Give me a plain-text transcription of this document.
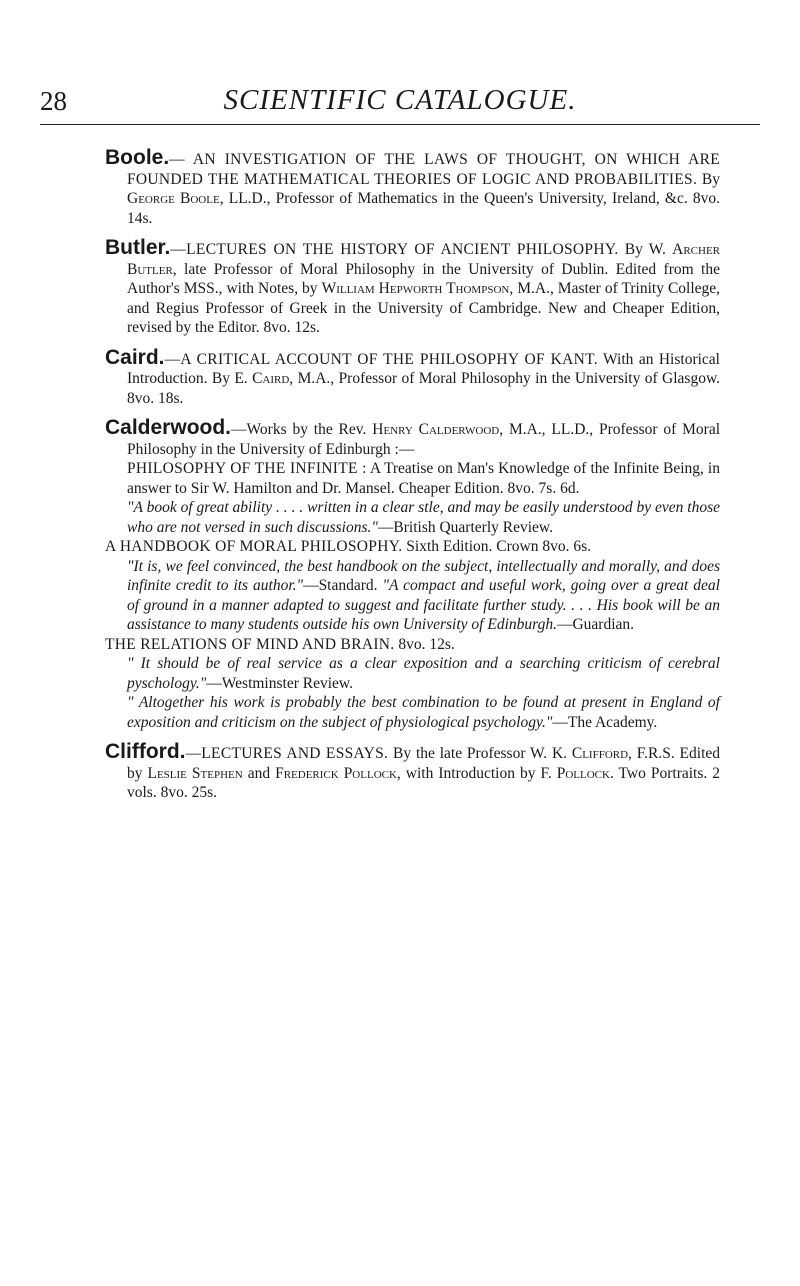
28	SCIENTIFIC CATALOGUE.

Boole.— AN INVESTIGATION OF THE LAWS OF THOUGHT, ON WHICH ARE FOUNDED THE MATHEMATICAL THEORIES OF LOGIC AND PROBABILITIES. By George Boole, LL.D., Professor of Mathematics in the Queen's University, Ireland, &c. 8vo. 14s.

Butler.—LECTURES ON THE HISTORY OF ANCIENT PHILOSOPHY. By W. Archer Butler, late Professor of Moral Philosophy in the University of Dublin. Edited from the Author's MSS., with Notes, by William Hepworth Thompson, M.A., Master of Trinity College, and Regius Professor of Greek in the University of Cambridge. New and Cheaper Edition, revised by the Editor. 8vo. 12s.

Caird.—A CRITICAL ACCOUNT OF THE PHILOSOPHY OF KANT. With an Historical Introduction. By E. Caird, M.A., Professor of Moral Philosophy in the University of Glasgow. 8vo. 18s.

Calderwood.—Works by the Rev. Henry Calderwood, M.A., LL.D., Professor of Moral Philosophy in the University of Edinburgh :—

PHILOSOPHY OF THE INFINITE : A Treatise on Man's Knowledge of the Infinite Being, in answer to Sir W. Hamilton and Dr. Mansel. Cheaper Edition. 8vo. 7s. 6d.

"A book of great ability . . . . written in a clear stle, and may be easily understood by even those who are not versed in such discussions."—British Quarterly Review.

A HANDBOOK OF MORAL PHILOSOPHY. Sixth Edition. Crown 8vo. 6s.

"It is, we feel convinced, the best handbook on the subject, intellectually and morally, and does infinite credit to its author."—Standard. "A compact and useful work, going over a great deal of ground in a manner adapted to suggest and facilitate further study. . . . His book will be an assistance to many students outside his own University of Edinburgh.—Guardian.

THE RELATIONS OF MIND AND BRAIN. 8vo. 12s.

" It should be of real service as a clear exposition and a searching criticism of cerebral pyschology."—Westminster Review.

" Altogether his work is probably the best combination to be found at present in England of exposition and criticism on the subject of physiological psychology."—The Academy.

Clifford.—LECTURES AND ESSAYS. By the late Professor W. K. Clifford, F.R.S. Edited by Leslie Stephen and Frederick Pollock, with Introduction by F. Pollock. Two Portraits. 2 vols. 8vo. 25s.
